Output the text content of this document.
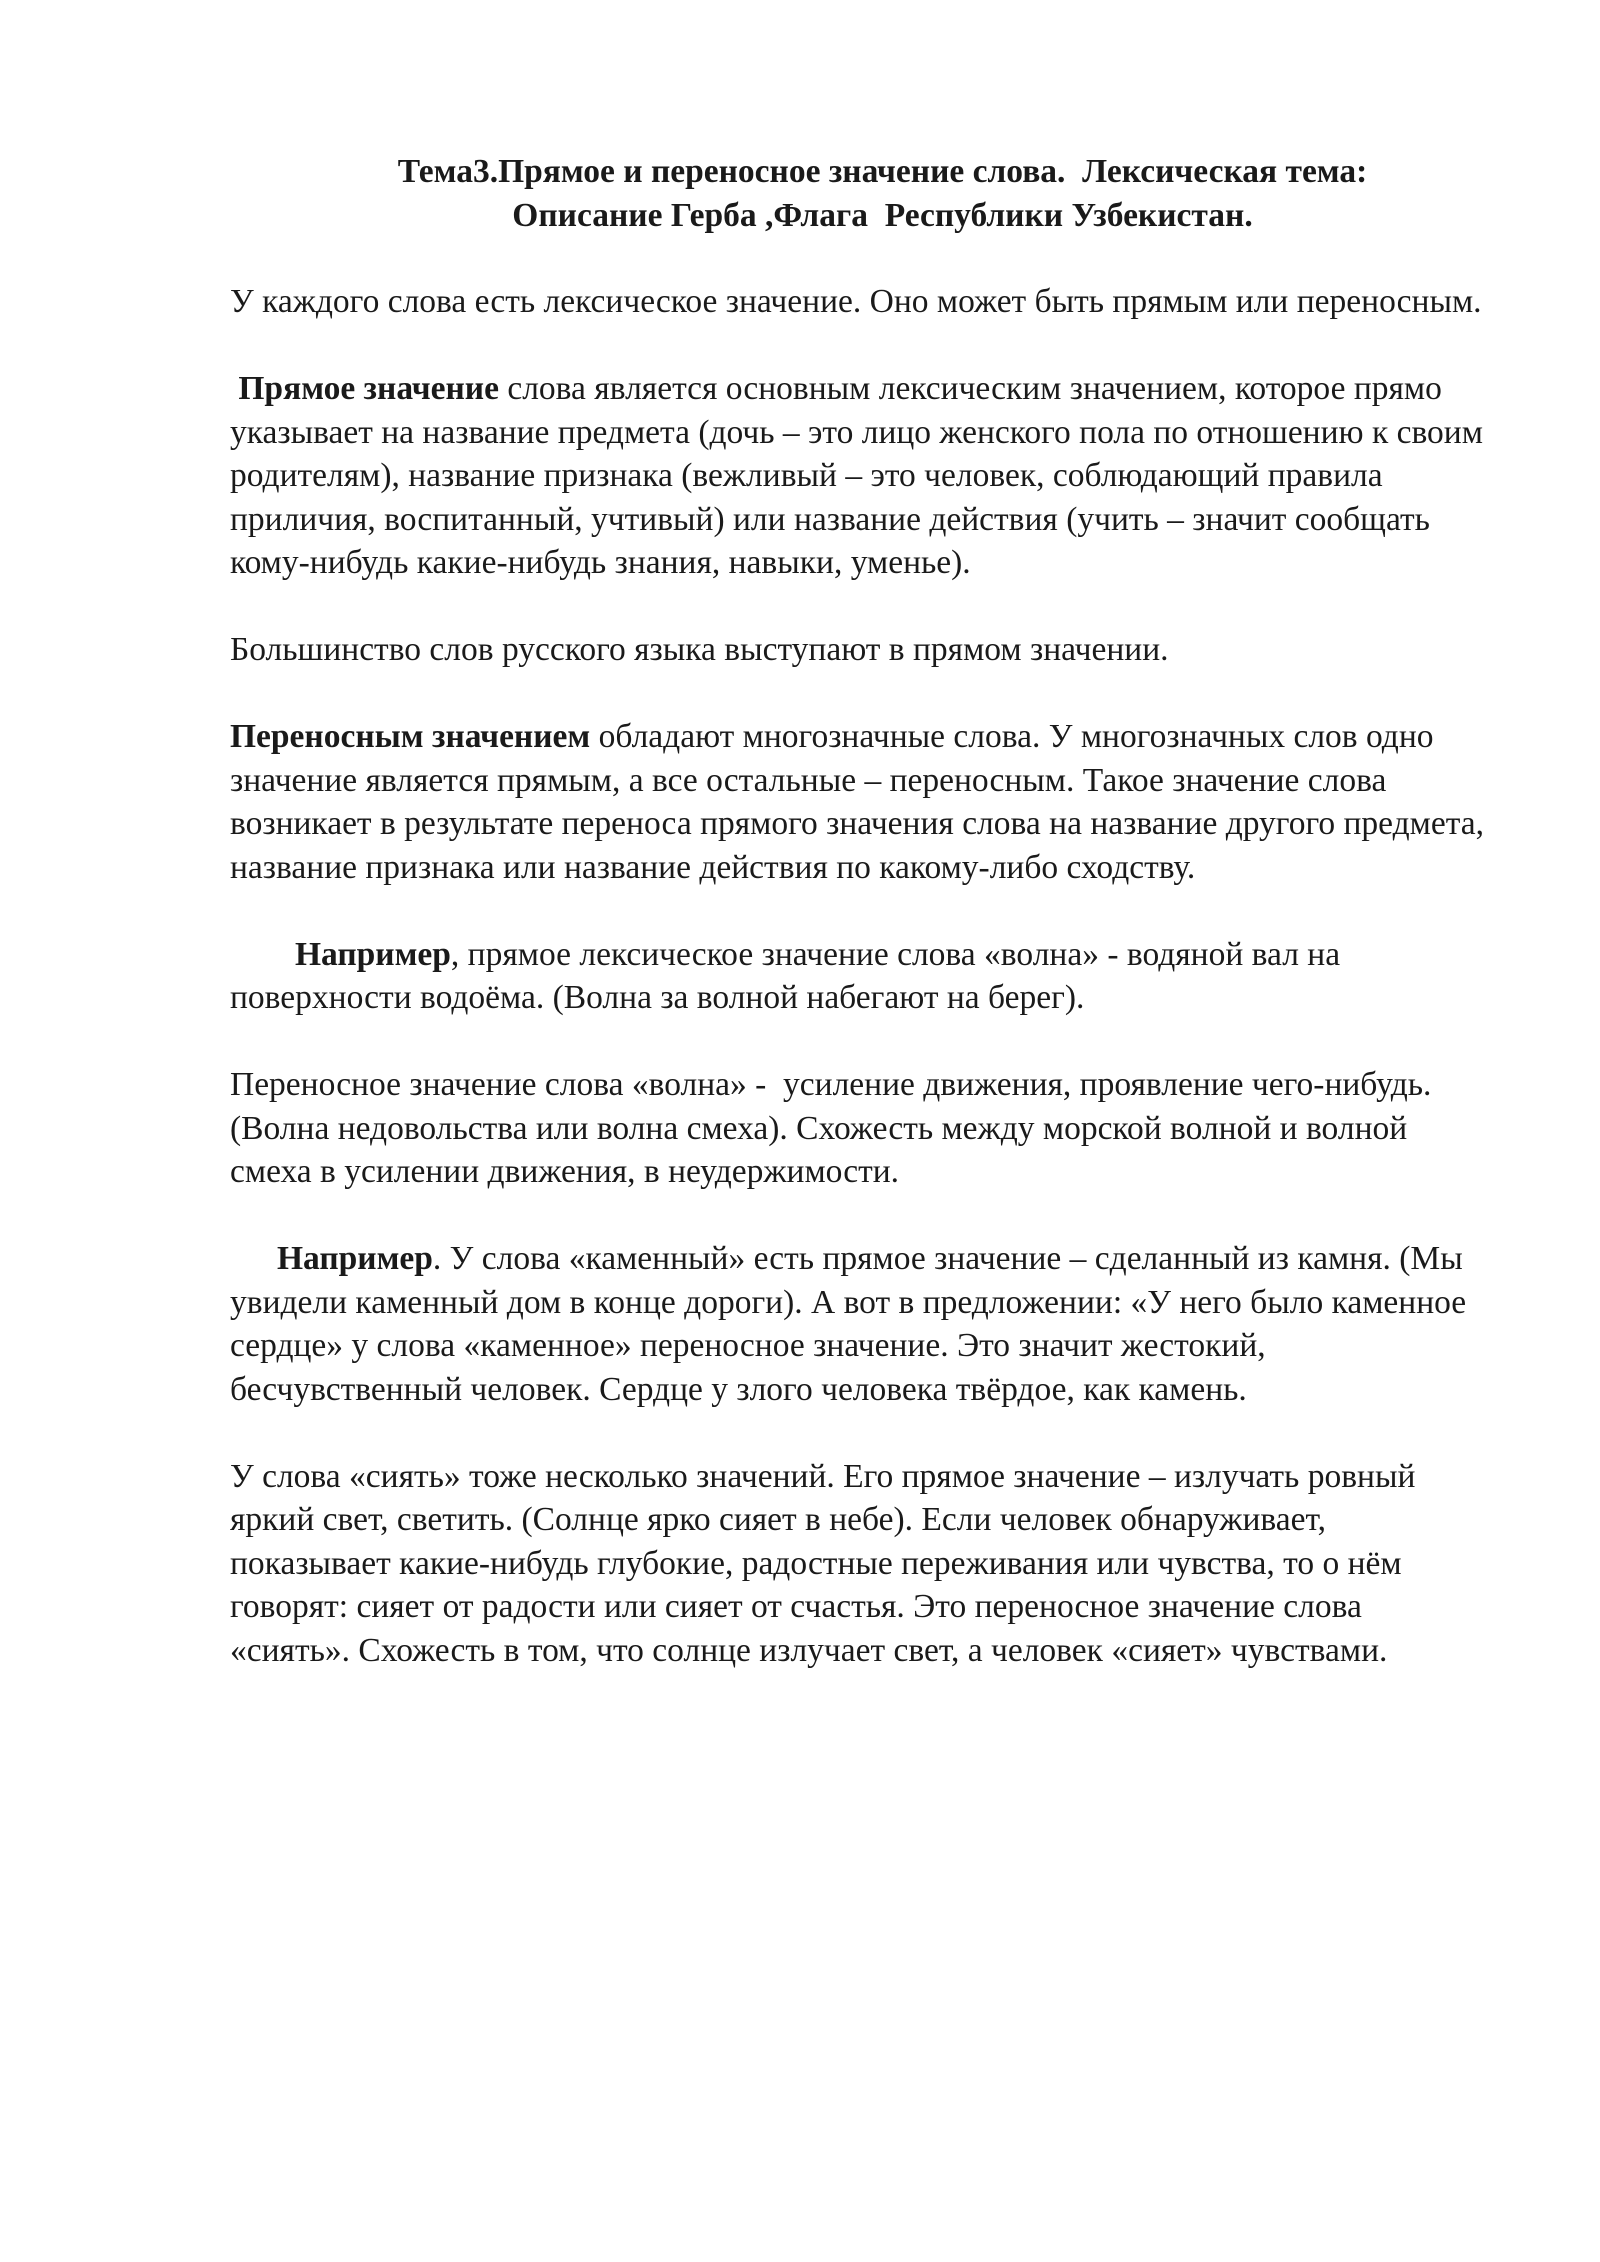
Тема3.Прямое и переносное значение слова.  Лексическая тема:
Описание Герба ,Флага  Республики Узбекистан.

У каждого слова есть лексическое значение. Оно может быть прямым или переносным.

Прямое значение слова является основным лексическим значением, которое прямо указывает на название предмета (дочь – это лицо женского пола по отношению к своим родителям), название признака (вежливый – это человек, соблюдающий правила приличия, воспитанный, учтивый) или название действия (учить – значит сообщать кому-нибудь какие-нибудь знания, навыки, уменье).

Большинство слов русского языка выступают в прямом значении.

Переносным значением обладают многозначные слова. У многозначных слов одно значение является прямым, а все остальные – переносным. Такое значение слова возникает в результате переноса прямого значения слова на название другого предмета, название признака или название действия по какому-либо сходству.

Например, прямое лексическое значение слова «волна» - водяной вал на поверхности водоёма. (Волна за волной набегают на берег).

Переносное значение слова «волна» -  усиление движения, проявление чего-нибудь. (Волна недовольства или волна смеха). Схожесть между морской волной и волной смеха в усилении движения, в неудержимости.

Например. У слова «каменный» есть прямое значение – сделанный из камня. (Мы увидели каменный дом в конце дороги). А вот в предложении: «У него было каменное сердце» у слова «каменное» переносное значение. Это значит жестокий, бесчувственный человек. Сердце у злого человека твёрдое, как камень.

У слова «сиять» тоже несколько значений. Его прямое значение – излучать ровный яркий свет, светить. (Солнце ярко сияет в небе). Если человек обнаруживает, показывает какие-нибудь глубокие, радостные переживания или чувства, то о нём говорят: сияет от радости или сияет от счастья. Это переносное значение слова «сиять». Схожесть в том, что солнце излучает свет, а человек «сияет» чувствами.
